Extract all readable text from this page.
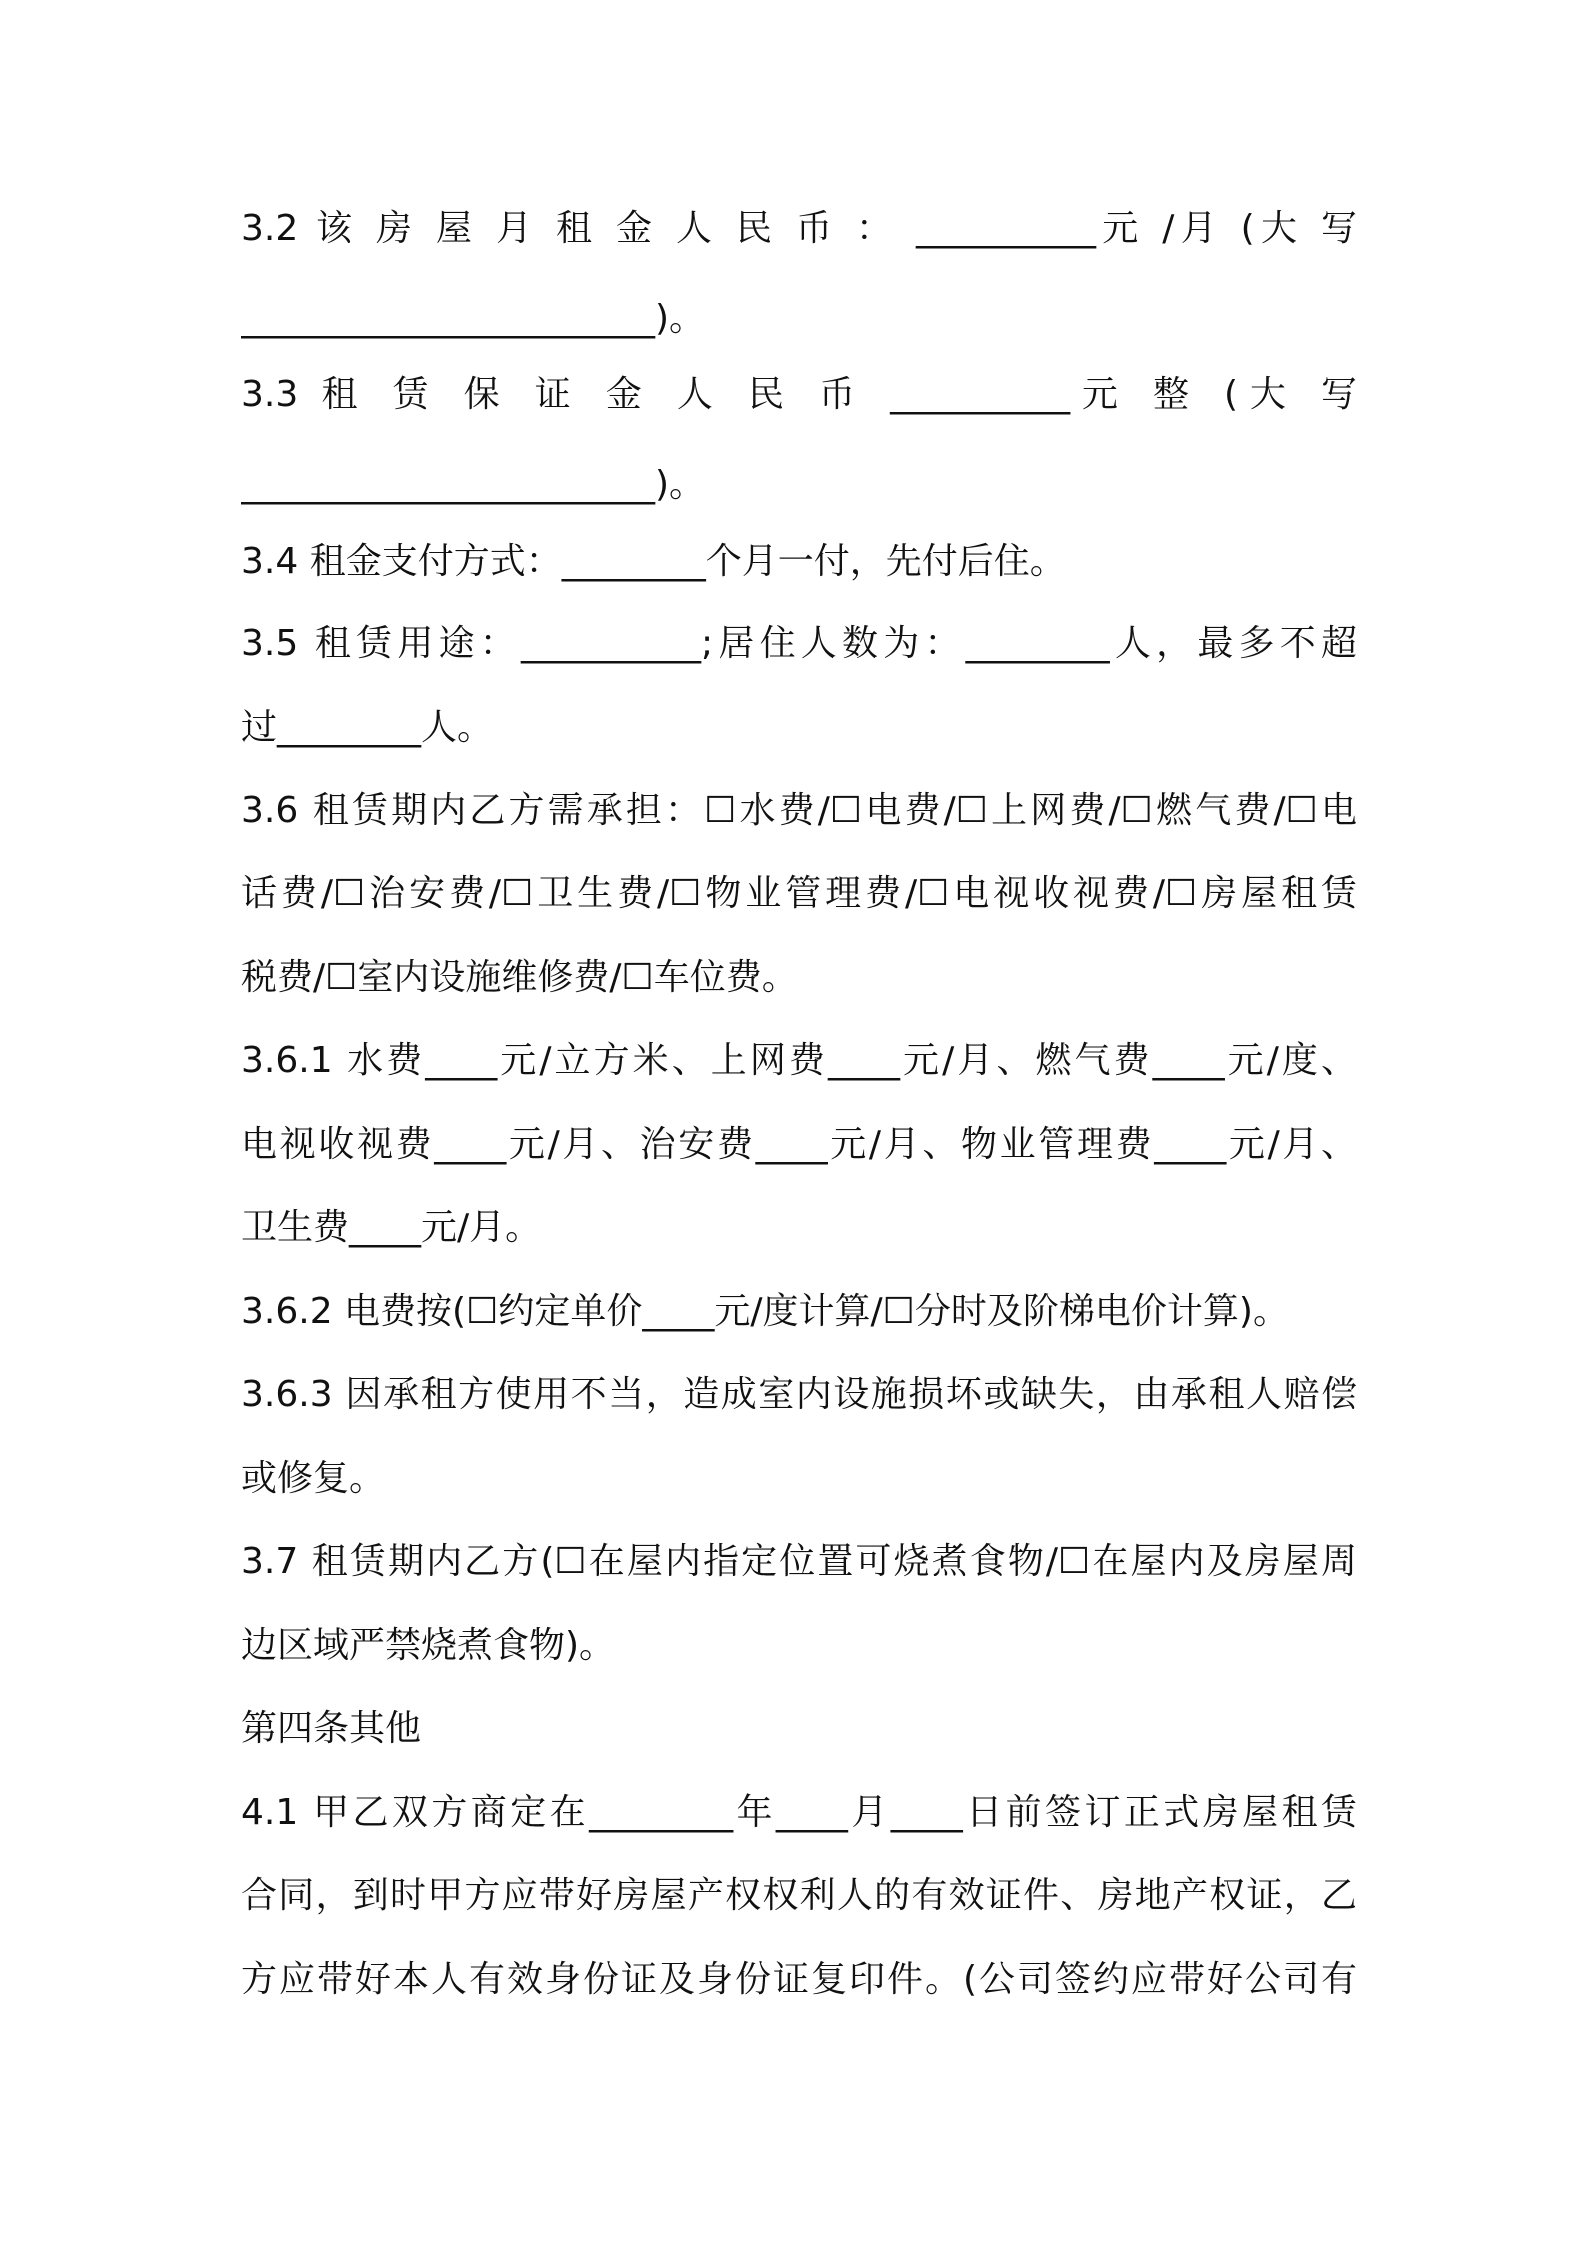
3.2 该 房 屋 月 租 金 人 民 币 ： __________元 /月 (大 写
_______________________)。
3.3 租 赁 保 证 金 人 民 币 __________元 整 (大 写
_______________________)。
3.4 租金支付方式：________个月一付，先付后住。
3.5 租赁用途：__________;居住人数为：________人，最多不超
过________人。
3.6 租赁期内乙方需承担：☐水费/☐电费/☐上网费/☐燃气费/☐电
话费/☐治安费/☐卫生费/☐物业管理费/☐电视收视费/☐房屋租赁
税费/☐室内设施维修费/☐车位费。
3.6.1 水费____元/立方米、上网费____元/月、燃气费____元/度、
电视收视费____元/月、治安费____元/月、物业管理费____元/月、
卫生费____元/月。
3.6.2 电费按(☐约定单价____元/度计算/☐分时及阶梯电价计算)。
3.6.3 因承租方使用不当，造成室内设施损坏或缺失，由承租人赔偿
或修复。
3.7 租赁期内乙方(☐在屋内指定位置可烧煮食物/☐在屋内及房屋周
边区域严禁烧煮食物)。
第四条其他
4.1 甲乙双方商定在________年____月____日前签订正式房屋租赁
合同，到时甲方应带好房屋产权权利人的有效证件、房地产权证，乙
方应带好本人有效身份证及身份证复印件。(公司签约应带好公司有
